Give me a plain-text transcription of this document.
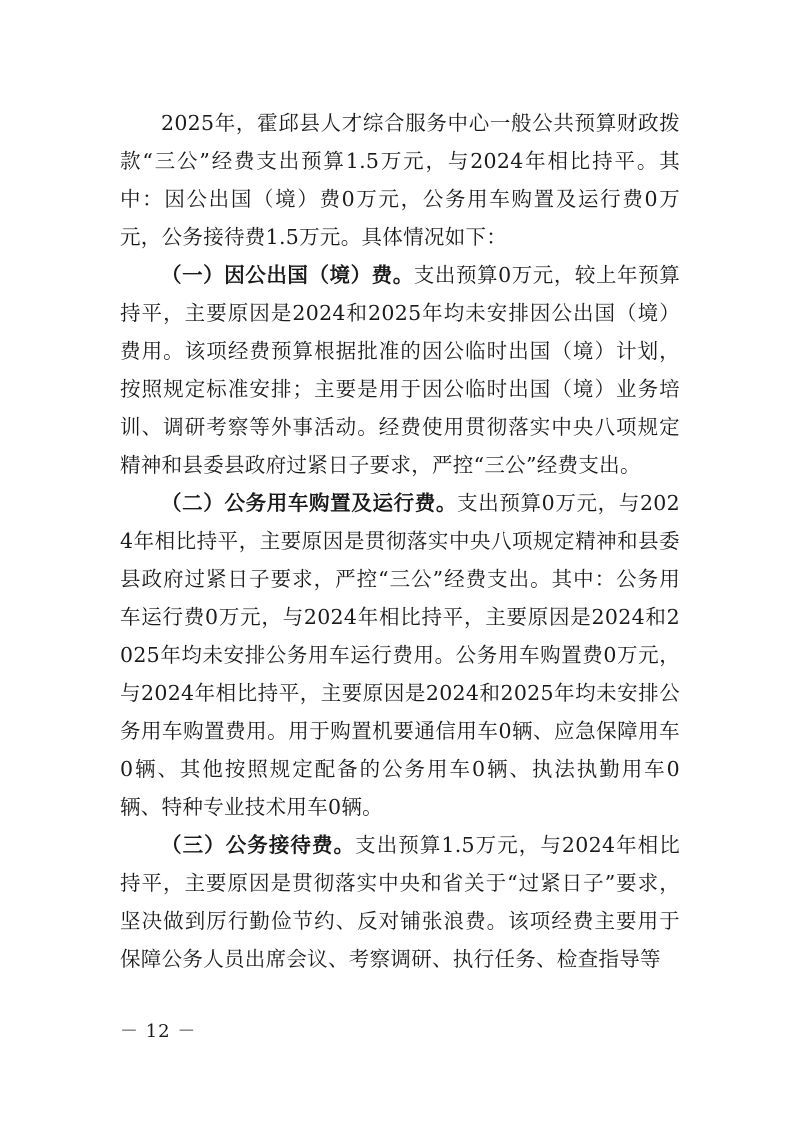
2025年，霍邱县人才综合服务中心一般公共预算财政拨款“三公”经费支出预算1.5万元，与2024年相比持平。其中：因公出国（境）费0万元，公务用车购置及运行费0万元，公务接待费1.5万元。具体情况如下：

（一）因公出国（境）费。支出预算0万元，较上年预算持平，主要原因是2024和2025年均未安排因公出国（境）费用。该项经费预算根据批准的因公临时出国（境）计划，按照规定标准安排；主要是用于因公临时出国（境）业务培训、调研考察等外事活动。经费使用贯彻落实中央八项规定精神和县委县政府过紧日子要求，严控“三公”经费支出。

（二）公务用车购置及运行费。支出预算0万元，与2024年相比持平，主要原因是贯彻落实中央八项规定精神和县委县政府过紧日子要求，严控“三公”经费支出。其中：公务用车运行费0万元，与2024年相比持平，主要原因是2024和2025年均未安排公务用车运行费用。公务用车购置费0万元，与2024年相比持平，主要原因是2024和2025年均未安排公务用车购置费用。用于购置机要通信用车0辆、应急保障用车0辆、其他按照规定配备的公务用车0辆、执法执勤用车0辆、特种专业技术用车0辆。

（三）公务接待费。支出预算1.5万元，与2024年相比持平，主要原因是贯彻落实中央和省关于“过紧日子”要求，坚决做到厉行勤俭节约、反对铺张浪费。该项经费主要用于保障公务人员出席会议、考察调研、执行任务、检查指导等

－ 12 －
